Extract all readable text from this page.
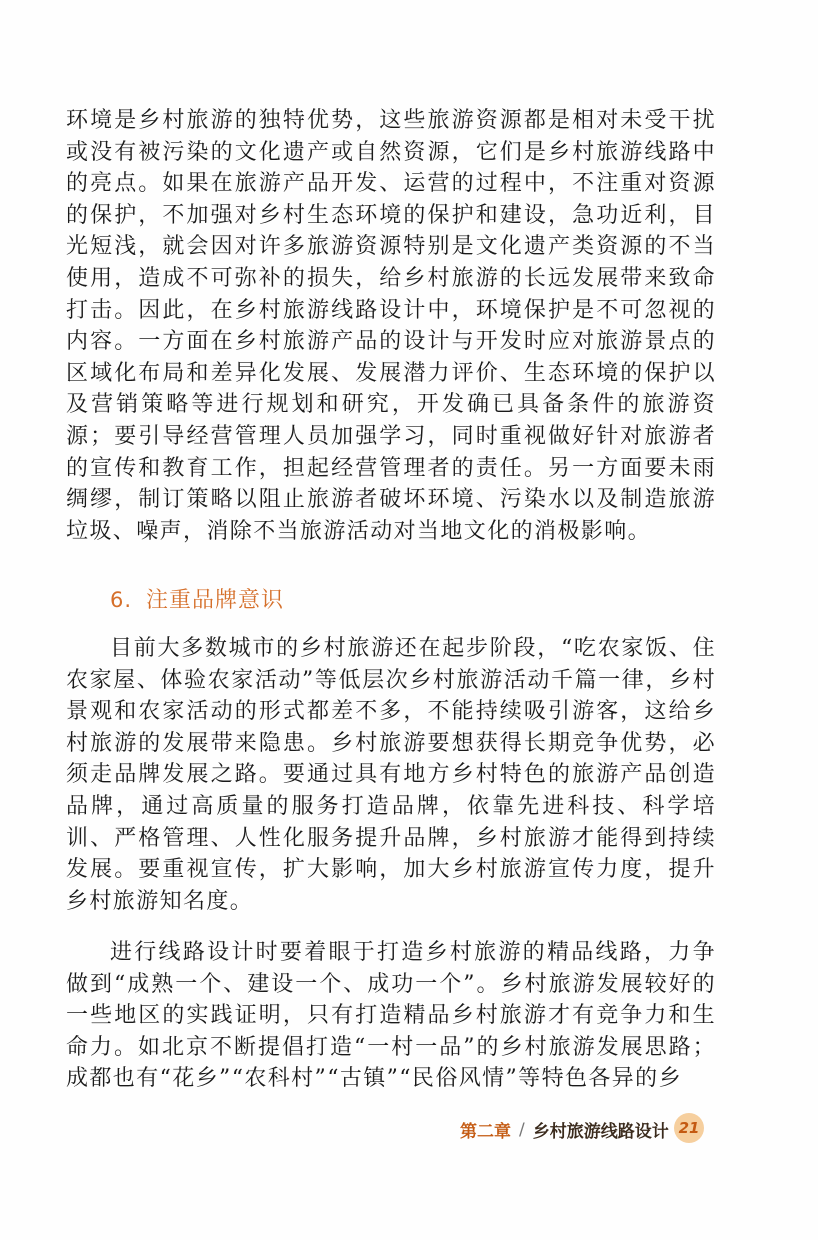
环境是乡村旅游的独特优势，这些旅游资源都是相对未受干扰或没有被污染的文化遗产或自然资源，它们是乡村旅游线路中的亮点。如果在旅游产品开发、运营的过程中，不注重对资源的保护，不加强对乡村生态环境的保护和建设，急功近利，目光短浅，就会因对许多旅游资源特别是文化遗产类资源的不当使用，造成不可弥补的损失，给乡村旅游的长远发展带来致命打击。因此，在乡村旅游线路设计中，环境保护是不可忽视的内容。一方面在乡村旅游产品的设计与开发时应对旅游景点的区域化布局和差异化发展、发展潜力评价、生态环境的保护以及营销策略等进行规划和研究，开发确已具备条件的旅游资源；要引导经营管理人员加强学习，同时重视做好针对旅游者的宣传和教育工作，担起经营管理者的责任。另一方面要未雨绸缪，制订策略以阻止旅游者破坏环境、污染水以及制造旅游垃圾、噪声，消除不当旅游活动对当地文化的消极影响。

6. 注重品牌意识

目前大多数城市的乡村旅游还在起步阶段，“吃农家饭、住农家屋、体验农家活动”等低层次乡村旅游活动千篇一律，乡村景观和农家活动的形式都差不多，不能持续吸引游客，这给乡村旅游的发展带来隐患。乡村旅游要想获得长期竞争优势，必须走品牌发展之路。要通过具有地方乡村特色的旅游产品创造品牌，通过高质量的服务打造品牌，依靠先进科技、科学培训、严格管理、人性化服务提升品牌，乡村旅游才能得到持续发展。要重视宣传，扩大影响，加大乡村旅游宣传力度，提升乡村旅游知名度。

进行线路设计时要着眼于打造乡村旅游的精品线路，力争做到“成熟一个、建设一个、成功一个”。乡村旅游发展较好的一些地区的实践证明，只有打造精品乡村旅游才有竞争力和生命力。如北京不断提倡打造“一村一品”的乡村旅游发展思路；成都也有“花乡”“农科村”“古镇”“民俗风情”等特色各异的乡

第二章 / 乡村旅游线路设计 21
